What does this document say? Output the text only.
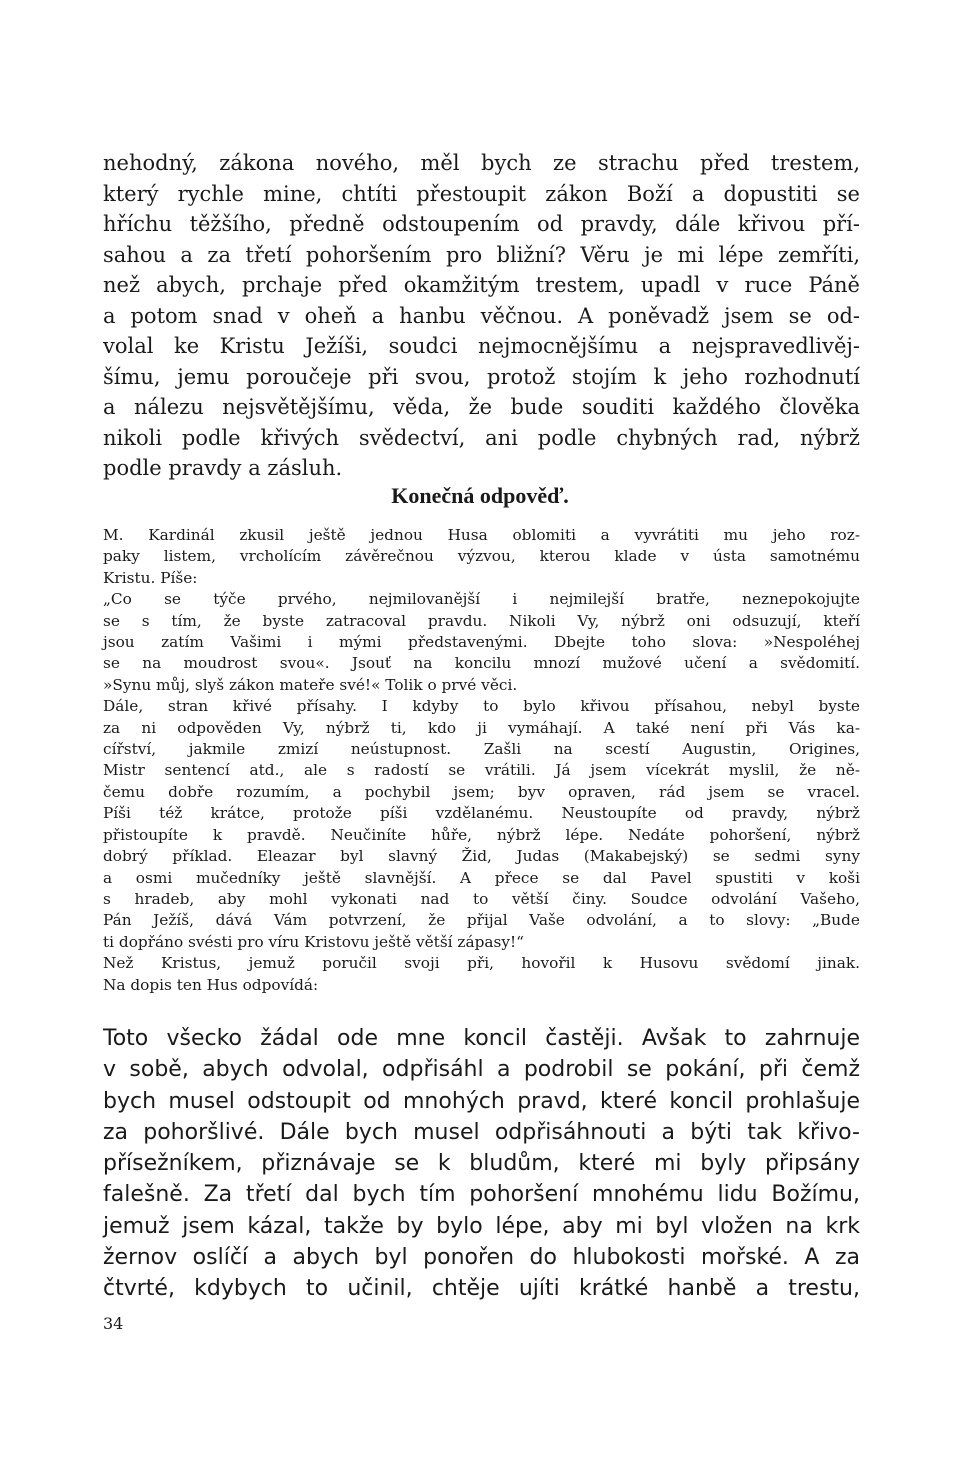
nehodný, zákona nového, měl bych ze strachu před trestem,
který rychle mine, chtíti přestoupit zákon Boží a dopustiti se
hříchu těžšího, předně odstoupením od pravdy, dále křivou pří-
sahou a za třetí pohoršením pro bližní? Věru je mi lépe zemříti,
než abych, prchaje před okamžitým trestem, upadl v ruce Páně
a potom snad v oheň a hanbu věčnou. A poněvadž jsem se od-
volal ke Kristu Ježíši, soudci nejmocnějšímu a nejspravedlivěj-
šímu, jemu poroučeje při svou, protož stojím k jeho rozhodnutí
a nálezu nejsvětějšímu, věda, že bude souditi každého člověka
nikoli podle křivých svědectví, ani podle chybných rad, nýbrž
podle pravdy a zásluh.
Konečná odpověď.
M. Kardinál zkusil ještě jednou Husa oblomiti a vyvrátiti mu jeho roz-
paky listem, vrcholícím závěrečnou výzvou, kterou klade v ústa samotnému
Kristu. Píše:
„Co se týče prvého, nejmilovanější i nejmilejší bratře, neznepokojujte
se s tím, že byste zatracoval pravdu. Nikoli Vy, nýbrž oni odsuzují, kteří
jsou zatím Vašimi i mými představenými. Dbejte toho slova: »Nespoléhej
se na moudrost svou«. Jsouť na koncilu mnozí mužové učení a svědomití.
»Synu můj, slyš zákon mateře své!« Tolik o prvé věci.
Dále, stran křivé přísahy. I kdyby to bylo křivou přísahou, nebyl byste
za ni odpověden Vy, nýbrž ti, kdo ji vymáhají. A také není při Vás ka-
cířství, jakmile zmizí neústupnost. Zašli na scestí Augustin, Origines,
Mistr sentencí atd., ale s radostí se vrátili. Já jsem vícekrát myslil, že ně-
čemu dobře rozumím, a pochybil jsem; byv opraven, rád jsem se vracel.
Píši též krátce, protože píši vzdělanému. Neustoupíte od pravdy, nýbrž
přistoupíte k pravdě. Neučiníte hůře, nýbrž lépe. Nedáte pohoršení, nýbrž
dobrý příklad. Eleazar byl slavný Žid, Judas (Makabejský) se sedmi syny
a osmi mučedníky ještě slavnější. A přece se dal Pavel spustiti v koši
s hradeb, aby mohl vykonati nad to větší činy. Soudce odvolání Vašeho,
Pán Ježíš, dává Vám potvrzení, že přijal Vaše odvolání, a to slovy: „Bude
ti dopřáno svésti pro víru Kristovu ještě větší zápasy!“
Než Kristus, jemuž poručil svoji při, hovořil k Husovu svědomí jinak.
Na dopis ten Hus odpovídá:
Toto všecko žádal ode mne koncil častěji. Avšak to zahrnuje
v sobě, abych odvolal, odpřisáhl a podrobil se pokání, při čemž
bych musel odstoupit od mnohých pravd, které koncil prohlašuje
za pohoršlivé. Dále bych musel odpřisáhnouti a býti tak křivo-
přísežníkem, přiznávaje se k bludům, které mi byly připsány
falešně. Za třetí dal bych tím pohoršení mnohému lidu Božímu,
jemuž jsem kázal, takže by bylo lépe, aby mi byl vložen na krk
žernov oslíčí a abych byl ponořen do hlubokosti mořské. A za
čtvrté, kdybych to učinil, chtěje ujíti krátké hanbě a trestu,
34
